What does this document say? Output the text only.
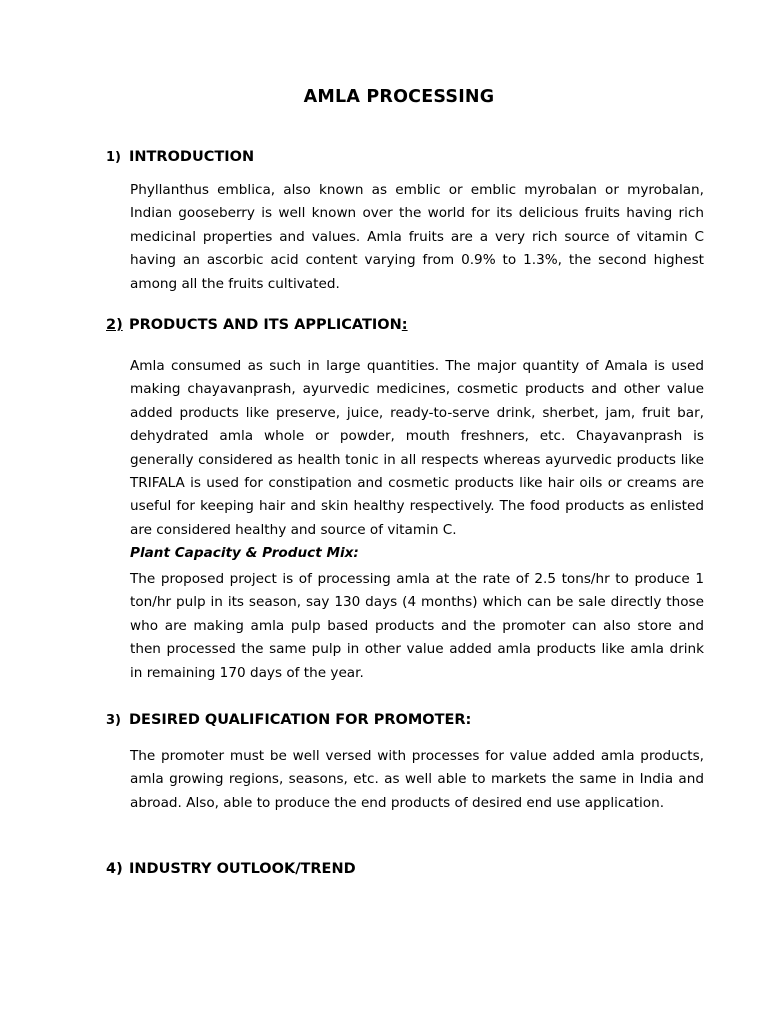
AMLA PROCESSING
1) INTRODUCTION

Phyllanthus emblica, also known as emblic or emblic myrobalan or myrobalan, Indian gooseberry is well known over the world for its delicious fruits having rich medicinal properties and values. Amla fruits are a very rich source of vitamin C having an ascorbic acid content varying from 0.9% to 1.3%, the second highest among all the fruits cultivated.

2) PRODUCTS AND ITS APPLICATION:

Amla consumed as such in large quantities. The major quantity of Amala is used making chayavanprash, ayurvedic medicines, cosmetic products and other value added products like preserve, juice, ready-to-serve drink, sherbet, jam, fruit bar, dehydrated amla whole or powder, mouth freshners, etc. Chayavanprash is generally considered as health tonic in all respects whereas ayurvedic products like TRIFALA is used for constipation and cosmetic products like hair oils or creams are useful for keeping hair and skin healthy respectively. The food products as enlisted are considered healthy and source of vitamin C.

Plant Capacity & Product Mix:

The proposed project is of processing amla at the rate of 2.5 tons/hr to produce 1 ton/hr pulp in its season, say 130 days (4 months) which can be sale directly those who are making amla pulp based products and the promoter can also store and then processed the same pulp in other value added amla products like amla drink in remaining 170 days of the year.

3) DESIRED QUALIFICATION FOR PROMOTER:

The promoter must be well versed with processes for value added amla products, amla growing regions, seasons, etc. as well able to markets the same in India and abroad. Also, able to produce the end products of desired end use application.

4) INDUSTRY OUTLOOK/TREND
